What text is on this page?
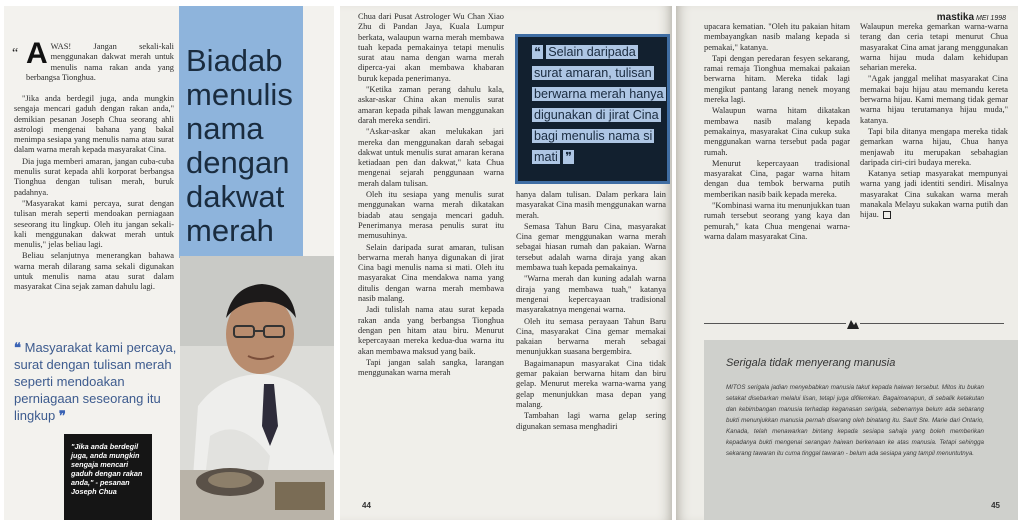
Biadab menulis nama dengan dakwat merah
“ AWAS! Jangan sekali-kali menggunakan dakwat merah untuk menulis nama rakan anda yang berbangsa Tionghua.

"Jika anda berdegil juga, anda mungkin sengaja mencari gaduh dengan rakan anda," demikian pesanan Joseph Chua seorang ahli astrologi mengenai bahana yang bakal menimpa sesiapa yang menulis nama atau surat dalam warna merah kepada masyarakat Cina.

Dia juga memberi amaran, jangan cuba-cuba menulis surat kepada ahli korporat berbangsa Tionghua dengan tulisan merah, buruk padahnya.

"Masyarakat kami percaya, surat dengan tulisan merah seperti mendoakan perniagaan seseorang itu lingkup. Oleh itu jangan sekali-kali menggunakan dakwat merah untuk menulis," jelas beliau lagi.

Beliau selanjutnya menerangkan bahawa warna merah dilarang sama sekali digunakan untuk menulis nama atau surat dalam masyarakat Cina sejak zaman dahulu lagi.

❝ Masyarakat kami percaya, surat dengan tulisan merah seperti mendoakan perniagaan seseorang itu lingkup ❞
"Jika anda berdegil juga, anda mungkin sengaja mencari gaduh dengan rakan anda," - pesanan Joseph Chua

Chua dari Pusat Astrologer Wu Chan Xiao Zhu di Pandan Jaya, Kuala Lumpur berkata, walaupun warna merah membawa tuah kepada pemakainya tetapi menulis surat atau nama dengan warna merah diperca-yai akan membawa khabaran buruk kepada penerimanya.

"Ketika zaman perang dahulu kala, askar-askar China akan menulis surat amaran kepada pihak lawan menggunakan darah mereka sendiri.

"Askar-askar akan melukakan jari mereka dan menggunakan darah sebagai dakwat untuk menulis surat amaran kerana ketiadaan pen dan dakwat," kata Chua mengenai sejarah penggunaan warna merah dalam tulisan.

Oleh itu sesiapa yang menulis surat menggunakan warna merah dikatakan biadab atau sengaja mencari gaduh. Penerimanya merasa penulis surat itu memusuhinya.

Selain daripada surat amaran, tulisan berwarna merah hanya digunakan di jirat Cina bagi menulis nama si mati. Oleh itu masyarakat Cina mendakwa nama yang ditulis dengan warna merah membawa nasib malang.

Jadi tulislah nama atau surat kepada rakan anda yang berbangsa Tionghua dengan pen hitam atau biru. Menurut kepercayaan mereka kedua-dua warna itu akan membawa maksud yang baik.

Tapi jangan salah sangka, larangan menggunakan warna merah

❝ Selain daripada surat amaran, tulisan berwarna merah hanya digunakan di jirat Cina bagi menulis nama si mati ❞

hanya dalam tulisan. Dalam perkara lain masyarakat Cina masih menggunakan warna merah.

Semasa Tahun Baru Cina, masyarakat Cina gemar menggunakan warna merah sebagai hiasan rumah dan pakaian. Warna tersebut adalah warna diraja yang akan membawa tuah kepada pemakainya.

"Warna merah dan kuning adalah warna diraja yang membawa tuah," katanya mengenai kepercayaan tradisional masyarakatnya mengenai warna.

Oleh itu semasa perayaan Tahun Baru Cina, masyarakat Cina gemar memakai pakaian berwarna merah sebagai menunjukkan suasana bergembira.

Bagaimanapun masyarakat Cina tidak gemar pakaian berwarna hitam dan biru gelap. Menurut mereka warna-warna yang gelap menunjukkan masa depan yang malang.

Tambahan lagi warna gelap sering digunakan semasa menghadiri

44
mastika MEI 1998

upacara kematian. "Oleh itu pakaian hitam membayangkan nasib malang kepada si pemakai," katanya.

Tapi dengan peredaran fesyen sekarang, ramai remaja Tionghua memakai pakaian berwarna hitam. Mereka tidak lagi mengikut pantang larang nenek moyang mereka lagi.

Walaupun warna hitam dikatakan membawa nasib malang kepada pemakainya, masyarakat Cina cukup suka menggunakan warna tersebut pada pagar rumah.

Menurut kepercayaan tradisional masyarakat Cina, pagar warna hitam dengan dua tembok berwarna putih memberikan nasib baik kepada mereka.

"Kombinasi warna itu menunjukkan tuan rumah tersebut seorang yang kaya dan pemurah," kata Chua mengenai warna-warna dalam masyarakat Cina.

Walaupun mereka gemarkan warna-warna terang dan ceria tetapi menurut Chua masyarakat Cina amat jarang menggunakan warna hijau muda dalam kehidupan seharian mereka.

"Agak janggal melihat masyarakat Cina memakai baju hijau atau memandu kereta berwarna hijau. Kami memang tidak gemar warna hijau terutamanya hijau muda," katanya.

Tapi bila ditanya mengapa mereka tidak gemarkan warna hijau, Chua hanya menjawab itu merupakan sebahagian daripada ciri-ciri budaya mereka.

Katanya setiap masyarakat mempunyai warna yang jadi identiti sendiri. Misalnya masyarakat Cina sukakan warna merah manakala Melayu sukakan warna putih dan hijau.

Serigala tidak menyerang manusia
MITOS serigala jadian menyebabkan manusia takut kepada haiwan tersebut. Mitos itu bukan setakat disebarkan melalui lisan, tetapi juga difilemkan. Bagaimanapun, di sebalik ketakutan dan kebimbangan manusia terhadap keganasan serigala, sebenarnya belum ada sebarang bukti menunjukkan manusia pernah diserang oleh binatang itu. Sault Ste. Marie dari Ontario, Kanada, telah menawarkan bintang kepada sesiapa sahaja yang boleh memberikan kepadanya bukti mengenai serangan haiwan berkenaan ke atas manusia. Tetapi sehingga sekarang tawaran itu cuma tinggal tawaran - belum ada sesiapa yang tampil menuntutnya.
45
